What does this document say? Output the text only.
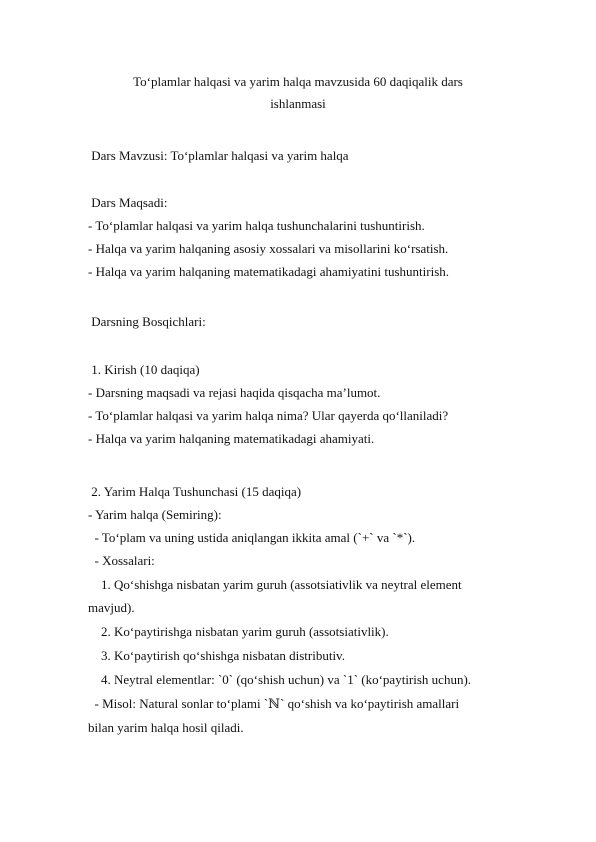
To‘plamlar halqasi va yarim halqa mavzusida 60 daqiqalik dars
ishlanmasi
Dars Mavzusi: To‘plamlar halqasi va yarim halqa
Dars Maqsadi:
- To‘plamlar halqasi va yarim halqa tushunchalarini tushuntirish.
- Halqa va yarim halqaning asosiy xossalari va misollarini ko‘rsatish.
- Halqa va yarim halqaning matematikadagi ahamiyatini tushuntirish.
Darsning Bosqichlari:
1. Kirish (10 daqiqa)
- Darsning maqsadi va rejasi haqida qisqacha ma’lumot.
- To‘plamlar halqasi va yarim halqa nima? Ular qayerda qo‘llaniladi?
- Halqa va yarim halqaning matematikadagi ahamiyati.
2. Yarim Halqa Tushunchasi (15 daqiqa)
- Yarim halqa (Semiring):
- To‘plam va uning ustida aniqlangan ikkita amal (`+` va `*`).
- Xossalari:
1. Qo‘shishga nisbatan yarim guruh (assotsiativlik va neytral element
mavjud).
2. Ko‘paytirishga nisbatan yarim guruh (assotsiativlik).
3. Ko‘paytirish qo‘shishga nisbatan distributiv.
4. Neytral elementlar: `0` (qo‘shish uchun) va `1` (ko‘paytirish uchun).
- Misol: Natural sonlar to‘plami `ℕ` qo‘shish va ko‘paytirish amallari
bilan yarim halqa hosil qiladi.
